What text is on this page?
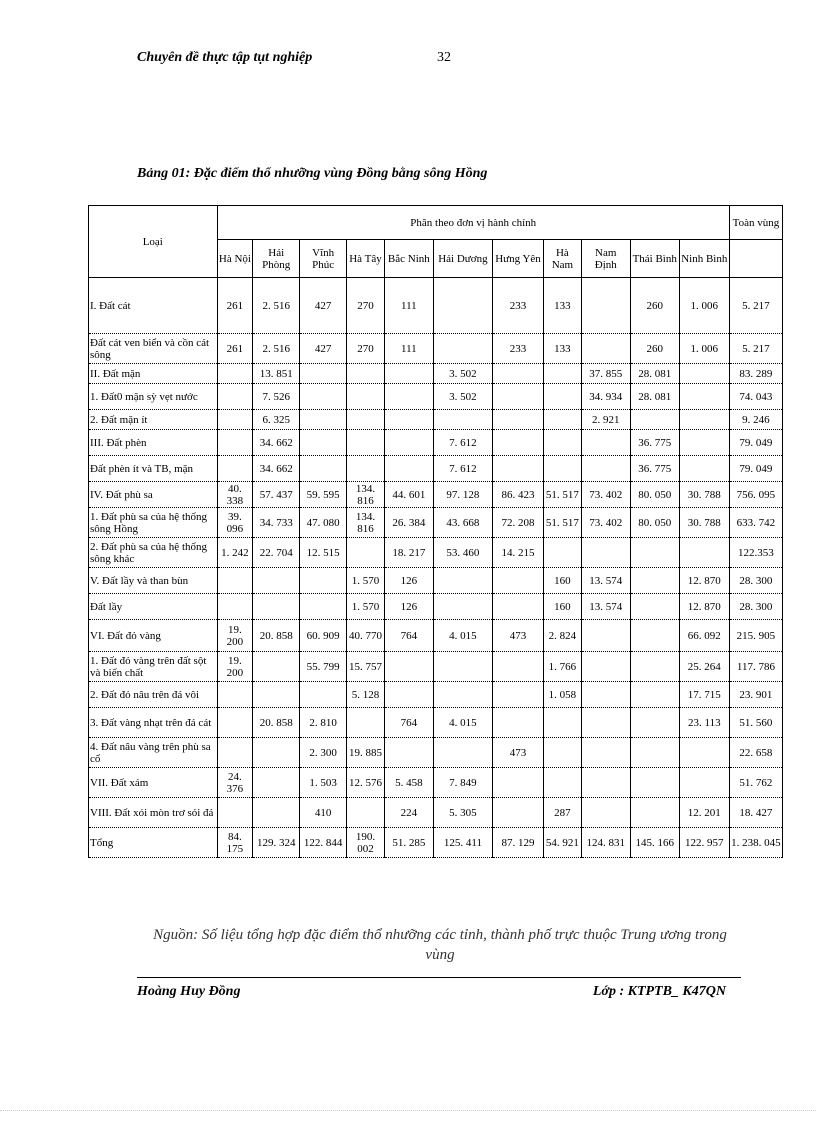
Chuyên đề thực tập tụt nghiệp	32
Bảng 01: Đặc điểm thổ nhưỡng vùng Đồng bằng sông Hồng
Loại	Phân theo đơn vị hành chính											Toàn vùng
	Hà Nội	Hải Phòng	Vĩnh Phúc	Hà Tây	Bắc Ninh	Hải Dương	Hưng Yên	Hà Nam	Nam Định	Thái Bình	Ninh Bình	
I. Đất cát	261	2. 516	427	270	111		233	133		260	1. 006	5. 217
Đất cát ven biển và cồn cát sông	261	2. 516	427	270	111		233	133		260	1. 006	5. 217
II. Đất mặn		13. 851				3. 502			37. 855	28. 081		83. 289
1. Đất0 mặn sỳ vẹt nước		7. 526				3. 502			34. 934	28. 081		74. 043
2. Đất mặn ít		6. 325							2. 921			9. 246
III. Đất phèn		34. 662				7. 612				36. 775		79. 049
Đất phèn ít và TB, mặn		34. 662				7. 612				36. 775		79. 049
IV. Đất phù sa	40. 338	57. 437	59. 595	134. 816	44. 601	97. 128	86. 423	51. 517	73. 402	80. 050	30. 788	756. 095
1. Đất phù sa của hệ thống sông Hồng	39. 096	34. 733	47. 080	134. 816	26. 384	43. 668	72. 208	51. 517	73. 402	80. 050	30. 788	633. 742
2. Đất phù sa của hệ thống sông khác	1. 242	22. 704	12. 515		18. 217	53. 460	14. 215					122.353
V. Đất lầy và than bùn				1. 570	126			160	13. 574		12. 870	28. 300
Đất lầy				1. 570	126			160	13. 574		12. 870	28. 300
VI. Đất đỏ vàng	19. 200	20. 858	60. 909	40. 770	764	4. 015	473	2. 824			66. 092	215. 905
1. Đất đỏ vàng trên đất sột và biến chất	19. 200		55. 799	15. 757				1. 766			25. 264	117. 786
2. Đất đỏ nâu trên đá vôi				5. 128				1. 058			17. 715	23. 901
3. Đất vàng nhạt trên đá cát		20. 858	2. 810		764	4. 015					23. 113	51. 560
4. Đất nâu vàng trên phù sa cổ			2. 300	19. 885			473					22. 658
VII. Đất xám	24. 376		1. 503	12. 576	5. 458	7. 849						51. 762
VIII. Đất xói mòn trơ sỏi đá			410		224	5. 305		287			12. 201	18. 427
Tổng	84. 175	129. 324	122. 844	190. 002	51. 285	125. 411	87. 129	54. 921	124. 831	145. 166	122. 957	1. 238. 045
Nguồn: Số liệu tổng hợp đặc điểm thổ nhưỡng các tỉnh, thành phố trực thuộc Trung ương trong vùng
Hoàng Huy Đồng	Lớp : KTPTB_ K47QN
